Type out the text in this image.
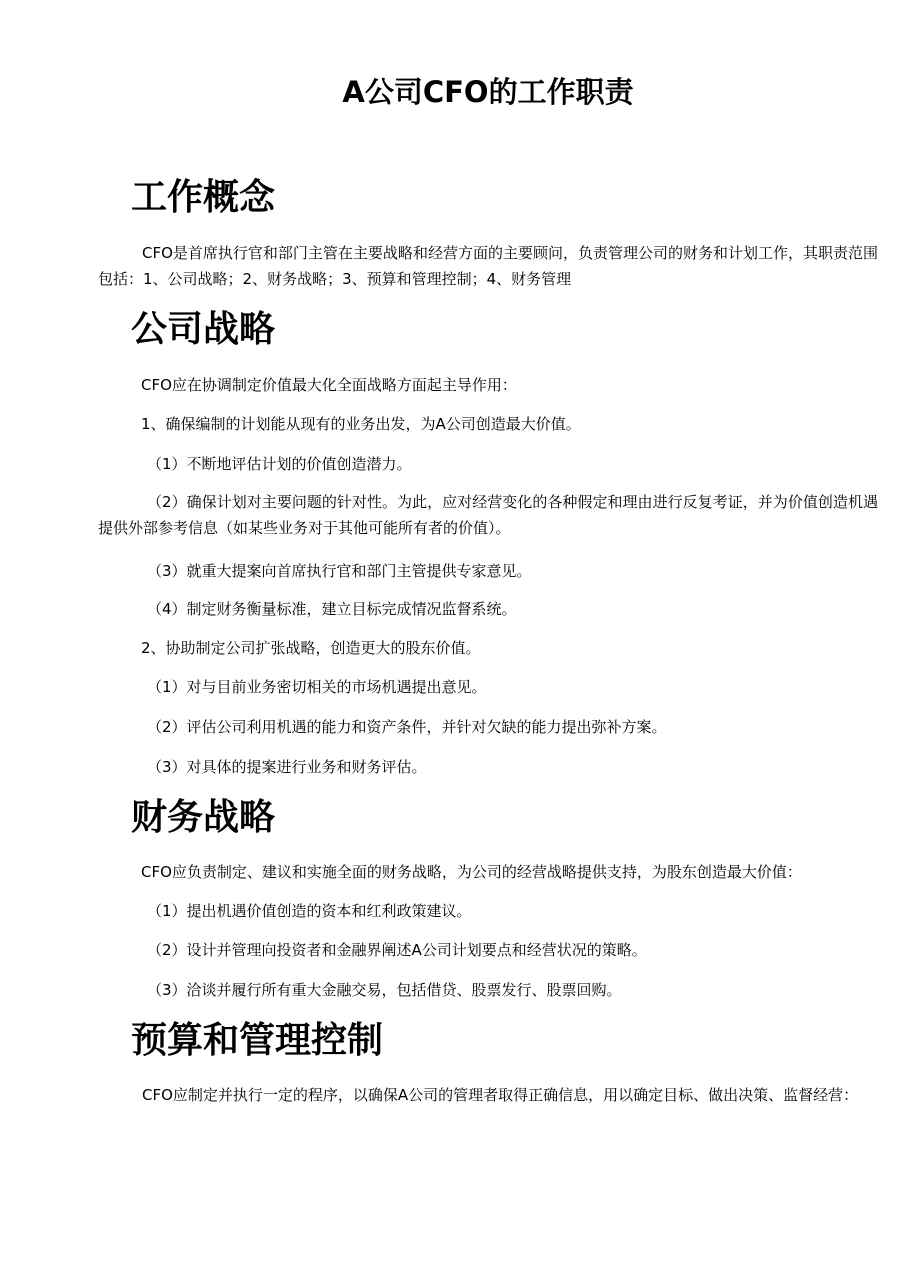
A公司CFO的工作职责
工作概念
CFO是首席执行官和部门主管在主要战略和经营方面的主要顾问，负责管理公司的财务和计划工作，其职责范围包括：1、公司战略；2、财务战略；3、预算和管理控制；4、财务管理
公司战略
CFO应在协调制定价值最大化全面战略方面起主导作用：
1、确保编制的计划能从现有的业务出发，为A公司创造最大价值。
（1）不断地评估计划的价值创造潜力。
（2）确保计划对主要问题的针对性。为此，应对经营变化的各种假定和理由进行反复考证，并为价值创造机遇提供外部参考信息（如某些业务对于其他可能所有者的价值）。
（3）就重大提案向首席执行官和部门主管提供专家意见。
（4）制定财务衡量标准，建立目标完成情况监督系统。
2、协助制定公司扩张战略，创造更大的股东价值。
（1）对与目前业务密切相关的市场机遇提出意见。
（2）评估公司利用机遇的能力和资产条件，并针对欠缺的能力提出弥补方案。
（3）对具体的提案进行业务和财务评估。
财务战略
CFO应负责制定、建议和实施全面的财务战略，为公司的经营战略提供支持，为股东创造最大价值：
（1）提出机遇价值创造的资本和红利政策建议。
（2）设计并管理向投资者和金融界阐述A公司计划要点和经营状况的策略。
（3）洽谈并履行所有重大金融交易，包括借贷、股票发行、股票回购。
预算和管理控制
CFO应制定并执行一定的程序，以确保A公司的管理者取得正确信息，用以确定目标、做出决策、监督经营：
